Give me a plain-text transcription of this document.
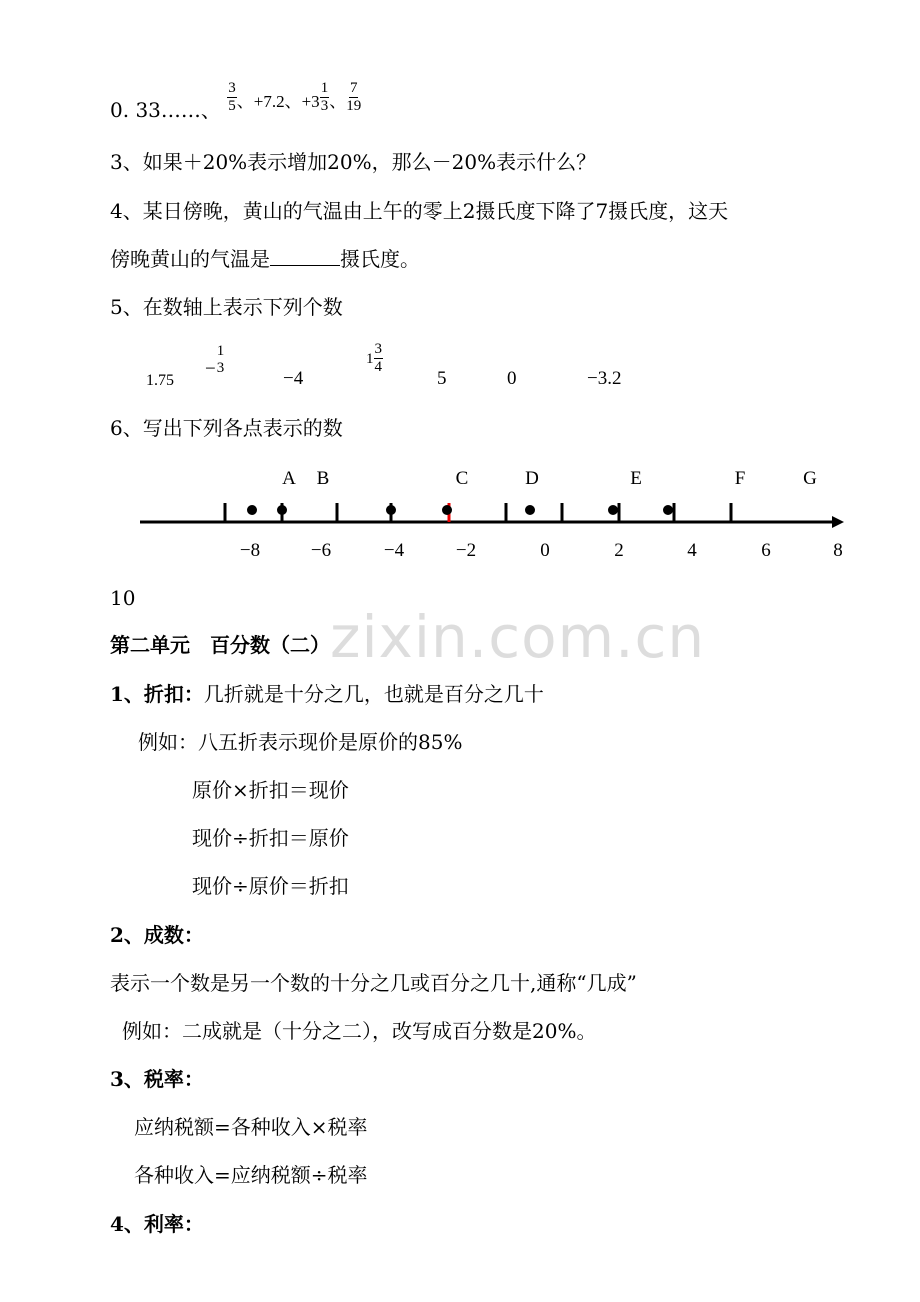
zixin.com.cn
0. 33……、 $\frac{3}{5} ^{、+7.2、+3} \frac{1}{3} ^、 \frac{7}{19}$
3、如果＋20%表示增加20%，那么－20%表示什么？
4、某日傍晚，黄山的气温由上午的零上2摄氏度下降了7摄氏度，这天
傍晚黄山的气温是	摄氏度。
5、在数轴上表示下列个数
1.75
−
1
3	−4
$1 \frac{3}{4}$
5	0	−3.2
6、写出下列各点表示的数
A B	C	D	E	F	G
−8	−6	−4	−2	0	2	4	6	8
10
第二单元　百分数（二）
1、折扣：几折就是十分之几，也就是百分之几十
例如：八五折表示现价是原价的85%
原价×折扣＝现价
现价÷折扣＝原价
现价÷原价＝折扣
2、成数：
表示一个数是另一个数的十分之几或百分之几十,通称“几成”
例如：二成就是（十分之二），改写成百分数是20%。
3、税率：
应纳税额=各种收入×税率
各种收入=应纳税额÷税率
4、利率：
